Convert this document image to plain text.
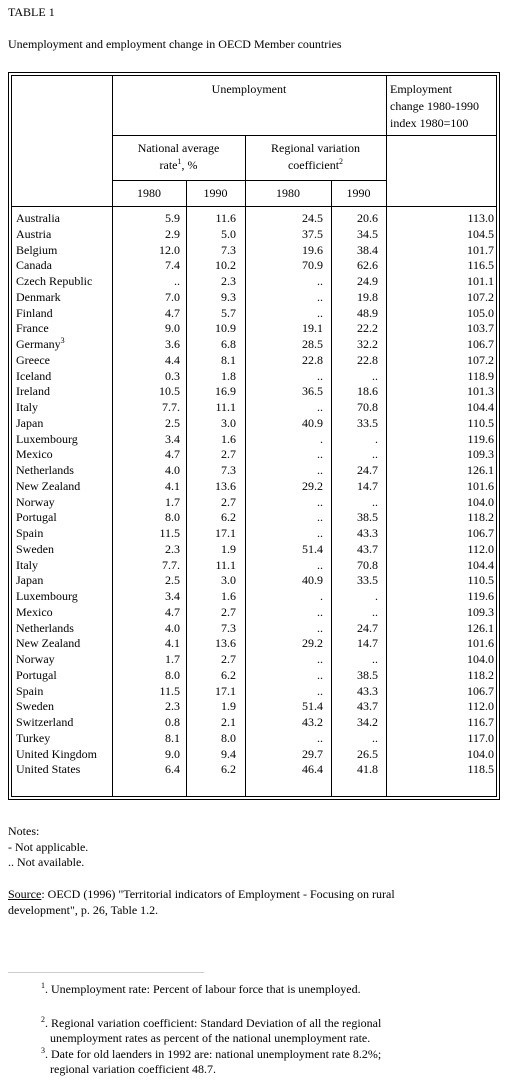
TABLE 1
Unemployment and employment change in OECD Member countries
Unemployment	Employment
change 1980-1990
index 1980=100
National average
rate$^1$, %
Regional variation
coefficient$^2$
1980	1990	1980	1990
Australia	5.9	11.6	24.5	20.6	113.0
Austria	2.9	5.0	37.5	34.5	104.5
Belgium	12.0	7.3	19.6	38.4	101.7
Canada	7.4	10.2	70.9	62.6	116.5
Czech Republic	..	2.3	..	24.9	101.1
Denmark	7.0	9.3	..	19.8	107.2
Finland	4.7	5.7	..	48.9	105.0
France	9.0	10.9	19.1	22.2	103.7
Germany$^3$	3.6	6.8	28.5	32.2	106.7
Greece	4.4	8.1	22.8	22.8	107.2
Iceland	0.3	1.8	..	..	118.9
Ireland	10.5	16.9	36.5	18.6	101.3
Italy	7.7.	11.1	..	70.8	104.4
Japan	2.5	3.0	40.9	33.5	110.5
Luxembourg	3.4	1.6	.	.	119.6
Mexico	4.7	2.7	..	..	109.3
Netherlands	4.0	7.3	..	24.7	126.1
New Zealand	4.1	13.6	29.2	14.7	101.6
Norway	1.7	2.7	..	..	104.0
Portugal	8.0	6.2	..	38.5	118.2
Spain	11.5	17.1	..	43.3	106.7
Sweden	2.3	1.9	51.4	43.7	112.0
Italy	7.7.	11.1	..	70.8	104.4
Japan	2.5	3.0	40.9	33.5	110.5
Luxembourg	3.4	1.6	.	.	119.6
Mexico	4.7	2.7	..	..	109.3
Netherlands	4.0	7.3	..	24.7	126.1
New Zealand	4.1	13.6	29.2	14.7	101.6
Norway	1.7	2.7	..	..	104.0
Portugal	8.0	6.2	..	38.5	118.2
Spain	11.5	17.1	..	43.3	106.7
Sweden	2.3	1.9	51.4	43.7	112.0
Switzerland	0.8	2.1	43.2	34.2	116.7
Turkey	8.1	8.0	..	..	117.0
United Kingdom	9.0	9.4	29.7	26.5	104.0
United States	6.4	6.2	46.4	41.8	118.5
Notes:
- Not applicable.
.. Not available.
Source: OECD (1996) "Territorial indicators of Employment - Focusing on rural
development", p. 26, Table 1.2.
$^1$. Unemployment rate: Percent of labour force that is unemployed.
$^2$. Regional variation coefficient: Standard Deviation of all the regional
unemployment rates as percent of the national unemployment rate.
$^3$. Date for old laenders in 1992 are: national unemployment rate 8.2%;
regional variation coefficient 48.7.
